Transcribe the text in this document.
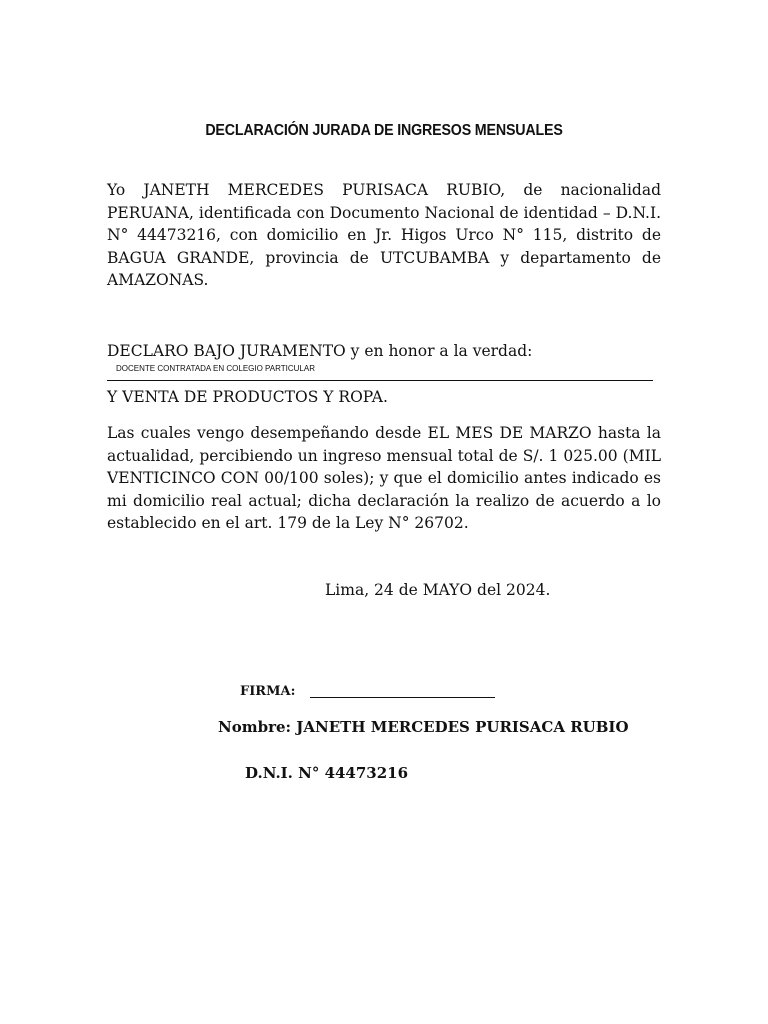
DECLARACIÓN JURADA DE INGRESOS MENSUALES

Yo JANETH MERCEDES PURISACA RUBIO, de nacionalidad PERUANA, identificada con Documento Nacional de identidad – D.N.I. N° 44473216, con domicilio en Jr. Higos Urco N° 115, distrito de BAGUA GRANDE, provincia de UTCUBAMBA y departamento de AMAZONAS.

DECLARO BAJO JURAMENTO y en honor a la verdad:

DOCENTE CONTRATADA EN COLEGIO PARTICULAR

Y VENTA DE PRODUCTOS Y ROPA.

Las cuales vengo desempeñando desde EL MES DE MARZO hasta la actualidad, percibiendo un ingreso mensual total de S/. 1 025.00 (MIL VENTICINCO CON 00/100 soles); y que el domicilio antes indicado es mi domicilio real actual; dicha declaración la realizo de acuerdo a lo establecido en el art. 179 de la Ley N° 26702.

Lima, 24 de MAYO del 2024.

FIRMA:

Nombre: JANETH MERCEDES PURISACA RUBIO

D.N.I. N° 44473216
